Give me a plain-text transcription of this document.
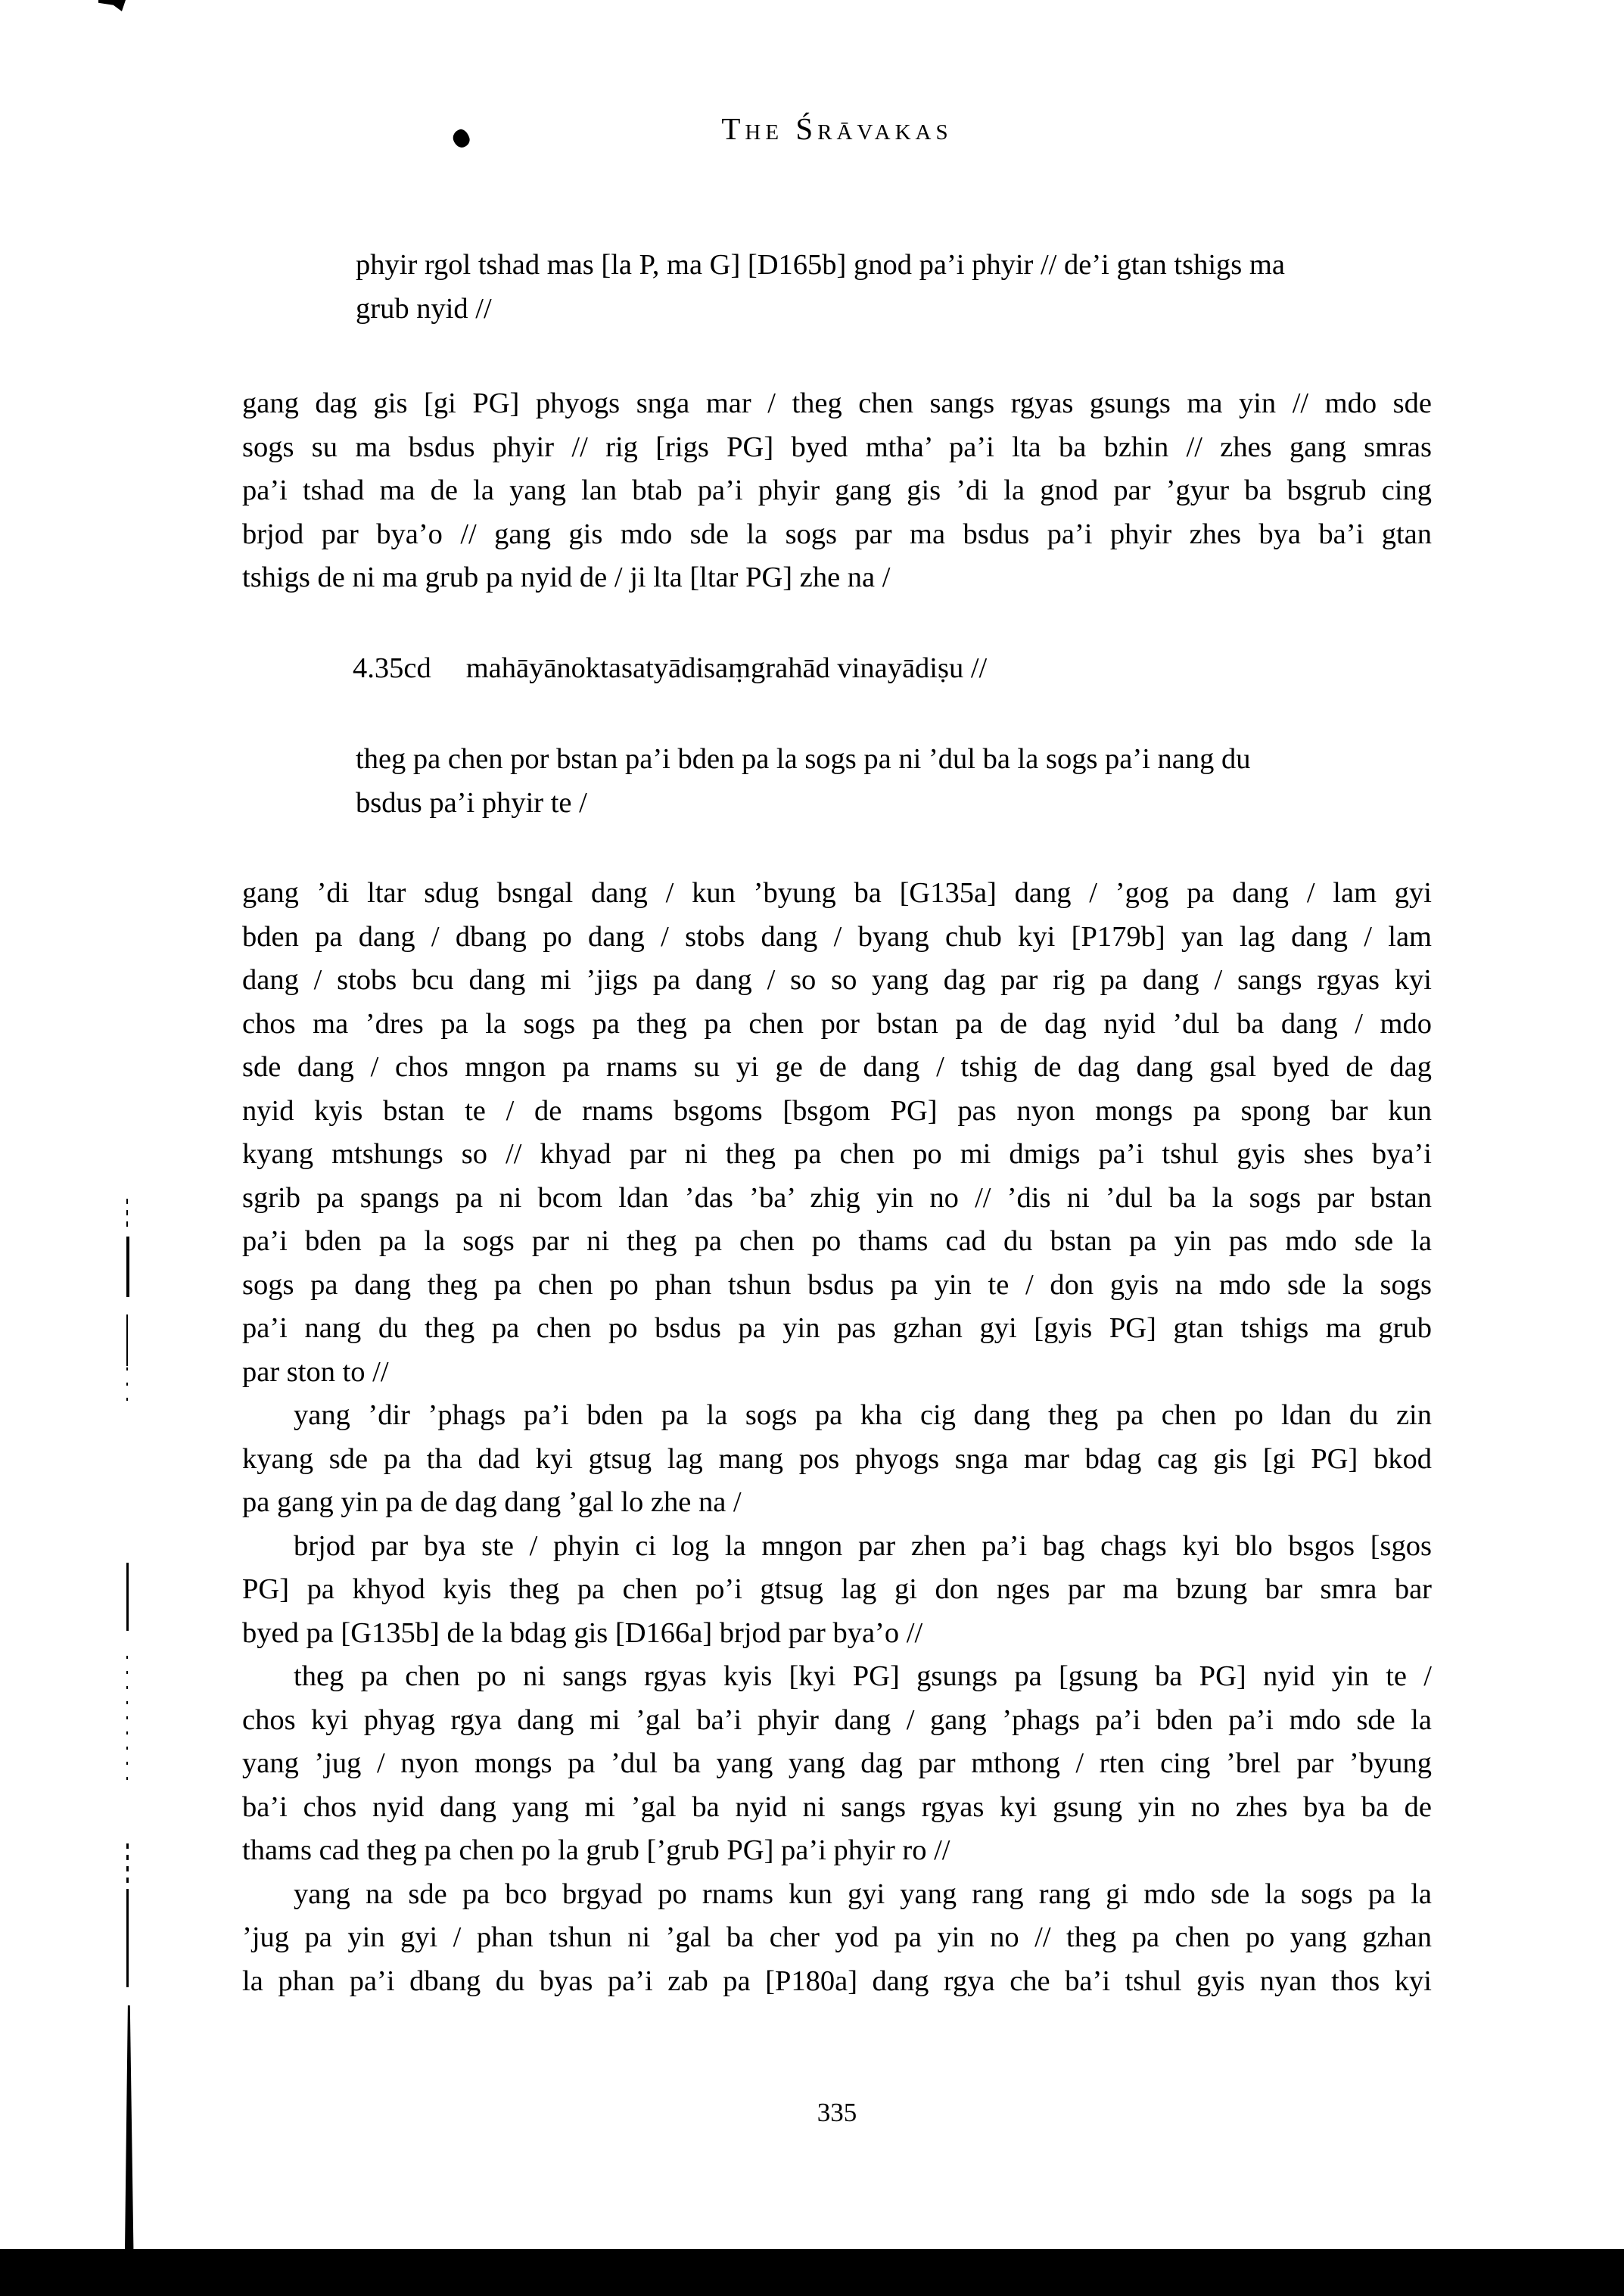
The Śrāvakas
phyir rgol tshad mas [la P, ma G] [D165b] gnod pa’i phyir // de’i gtan tshigs ma
grub nyid //
gang dag gis [gi PG] phyogs snga mar / theg chen sangs rgyas gsungs ma yin // mdo sde
sogs su ma bsdus phyir // rig [rigs PG] byed mtha’ pa’i lta ba bzhin // zhes gang smras
pa’i tshad ma de la yang lan btab pa’i phyir gang gis ’di la gnod par ’gyur ba bsgrub cing
brjod par bya’o // gang gis mdo sde la sogs par ma bsdus pa’i phyir zhes bya ba’i gtan
tshigs de ni ma grub pa nyid de / ji lta [ltar PG] zhe na /
4.35cd mahāyānoktasatyādisaṃgrahād vinayādiṣu //
theg pa chen por bstan pa’i bden pa la sogs pa ni ’dul ba la sogs pa’i nang du
bsdus pa’i phyir te /
gang ’di ltar sdug bsngal dang / kun ’byung ba [G135a] dang / ’gog pa dang / lam gyi
bden pa dang / dbang po dang / stobs dang / byang chub kyi [P179b] yan lag dang / lam
dang / stobs bcu dang mi ’jigs pa dang / so so yang dag par rig pa dang / sangs rgyas kyi
chos ma ’dres pa la sogs pa theg pa chen por bstan pa de dag nyid ’dul ba dang / mdo
sde dang / chos mngon pa rnams su yi ge de dang / tshig de dag dang gsal byed de dag
nyid kyis bstan te / de rnams bsgoms [bsgom PG] pas nyon mongs pa spong bar kun
kyang mtshungs so // khyad par ni theg pa chen po mi dmigs pa’i tshul gyis shes bya’i
sgrib pa spangs pa ni bcom ldan ’das ’ba’ zhig yin no // ’dis ni ’dul ba la sogs par bstan
pa’i bden pa la sogs par ni theg pa chen po thams cad du bstan pa yin pas mdo sde la
sogs pa dang theg pa chen po phan tshun bsdus pa yin te / don gyis na mdo sde la sogs
pa’i nang du theg pa chen po bsdus pa yin pas gzhan gyi [gyis PG] gtan tshigs ma grub
par ston to //
yang ’dir ’phags pa’i bden pa la sogs pa kha cig dang theg pa chen po ldan du zin
kyang sde pa tha dad kyi gtsug lag mang pos phyogs snga mar bdag cag gis [gi PG] bkod
pa gang yin pa de dag dang ’gal lo zhe na /
brjod par bya ste / phyin ci log la mngon par zhen pa’i bag chags kyi blo bsgos [sgos
PG] pa khyod kyis theg pa chen po’i gtsug lag gi don nges par ma bzung bar smra bar
byed pa [G135b] de la bdag gis [D166a] brjod par bya’o //
theg pa chen po ni sangs rgyas kyis [kyi PG] gsungs pa [gsung ba PG] nyid yin te /
chos kyi phyag rgya dang mi ’gal ba’i phyir dang / gang ’phags pa’i bden pa’i mdo sde la
yang ’jug / nyon mongs pa ’dul ba yang yang dag par mthong / rten cing ’brel par ’byung
ba’i chos nyid dang yang mi ’gal ba nyid ni sangs rgyas kyi gsung yin no zhes bya ba de
thams cad theg pa chen po la grub [’grub PG] pa’i phyir ro //
yang na sde pa bco brgyad po rnams kun gyi yang rang rang gi mdo sde la sogs pa la
’jug pa yin gyi / phan tshun ni ’gal ba cher yod pa yin no // theg pa chen po yang gzhan
la phan pa’i dbang du byas pa’i zab pa [P180a] dang rgya che ba’i tshul gyis nyan thos kyi
335
